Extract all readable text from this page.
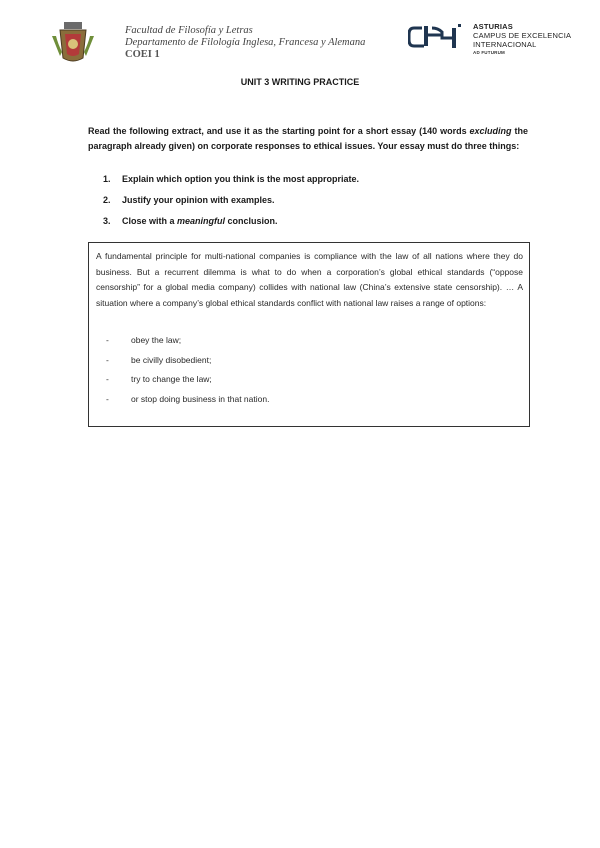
Facultad de Filosofía y Letras
Departamento de Filología Inglesa, Francesa y Alemana
COEI 1
ASTURIAS
CAMPUS DE EXCELENCIA
INTERNACIONAL
AD FUTURUM
UNIT 3 WRITING PRACTICE
Read the following extract, and use it as the starting point for a short essay (140 words excluding the paragraph already given) on corporate responses to ethical issues. Your essay must do three things:
1.	Explain which option you think is the most appropriate.
2.	Justify your opinion with examples.
3.	Close with a meaningful conclusion.
A fundamental principle for multi-national companies is compliance with the law of all nations where they do business. But a recurrent dilemma is what to do when a corporation’s global ethical standards (“oppose censorship” for a global media company) collides with national law (China’s extensive state censorship). … A situation where a company’s global ethical standards conflict with national law raises a range of options:
-	obey the law;
-	be civilly disobedient;
-	try to change the law;
-	or stop doing business in that nation.
